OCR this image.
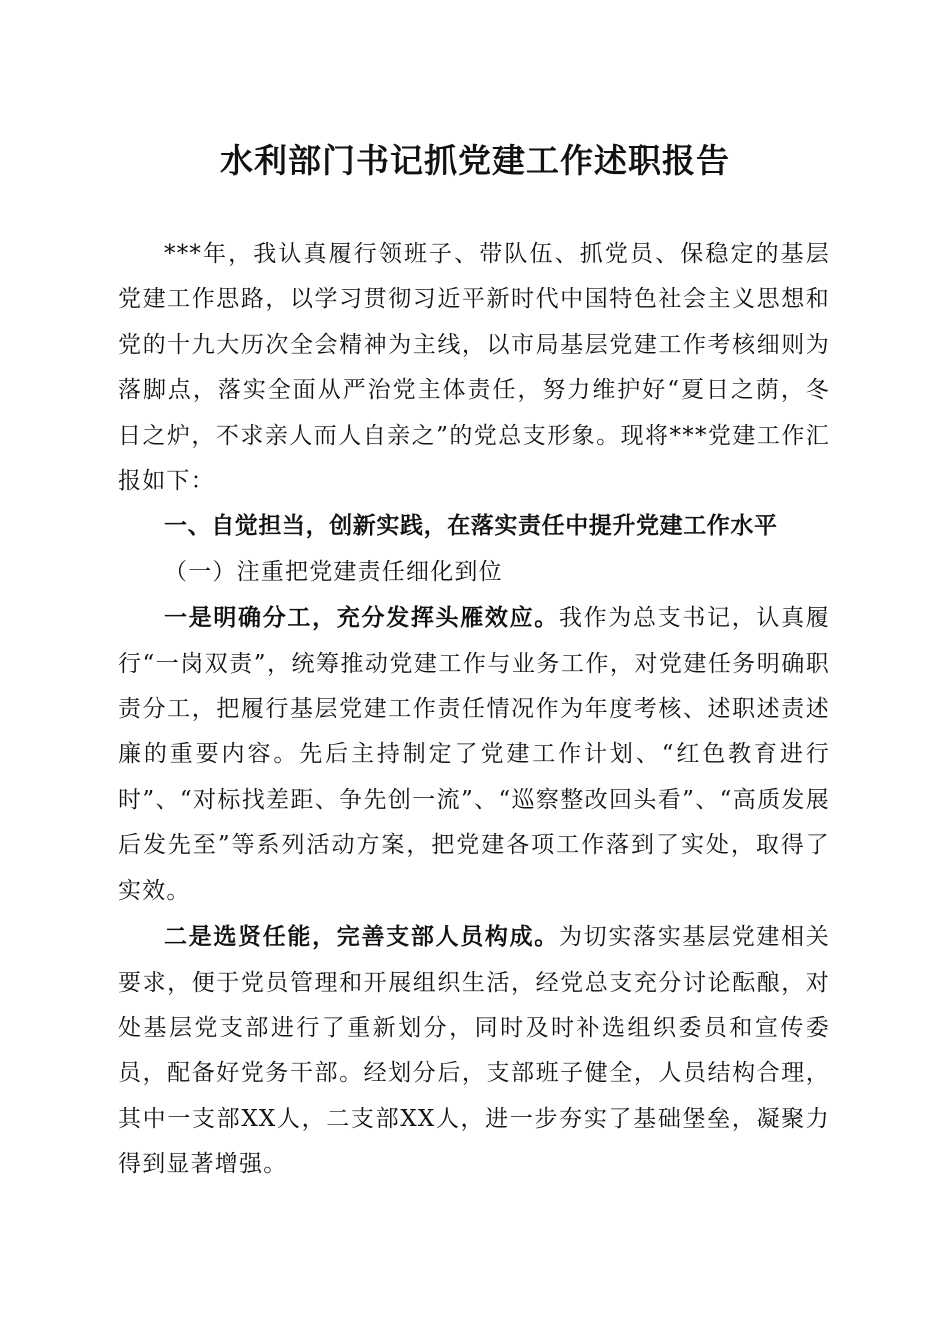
水利部门书记抓党建工作述职报告

***年，我认真履行领班子、带队伍、抓党员、保稳定的基层党建工作思路，以学习贯彻习近平新时代中国特色社会主义思想和党的十九大历次全会精神为主线，以市局基层党建工作考核细则为落脚点，落实全面从严治党主体责任，努力维护好“夏日之荫，冬日之炉，不求亲人而人自亲之”的党总支形象。现将***党建工作汇报如下：

一、自觉担当，创新实践，在落实责任中提升党建工作水平

（一）注重把党建责任细化到位

一是明确分工，充分发挥头雁效应。我作为总支书记，认真履行“一岗双责”，统筹推动党建工作与业务工作，对党建任务明确职责分工，把履行基层党建工作责任情况作为年度考核、述职述责述廉的重要内容。先后主持制定了党建工作计划、“红色教育进行时”、“对标找差距、争先创一流”、“巡察整改回头看”、“高质发展后发先至”等系列活动方案，把党建各项工作落到了实处，取得了实效。

二是选贤任能，完善支部人员构成。为切实落实基层党建相关要求，便于党员管理和开展组织生活，经党总支充分讨论酝酿，对处基层党支部进行了重新划分，同时及时补选组织委员和宣传委员，配备好党务干部。经划分后，支部班子健全，人员结构合理，其中一支部XX人，二支部XX人，进一步夯实了基础堡垒，凝聚力得到显著增强。
